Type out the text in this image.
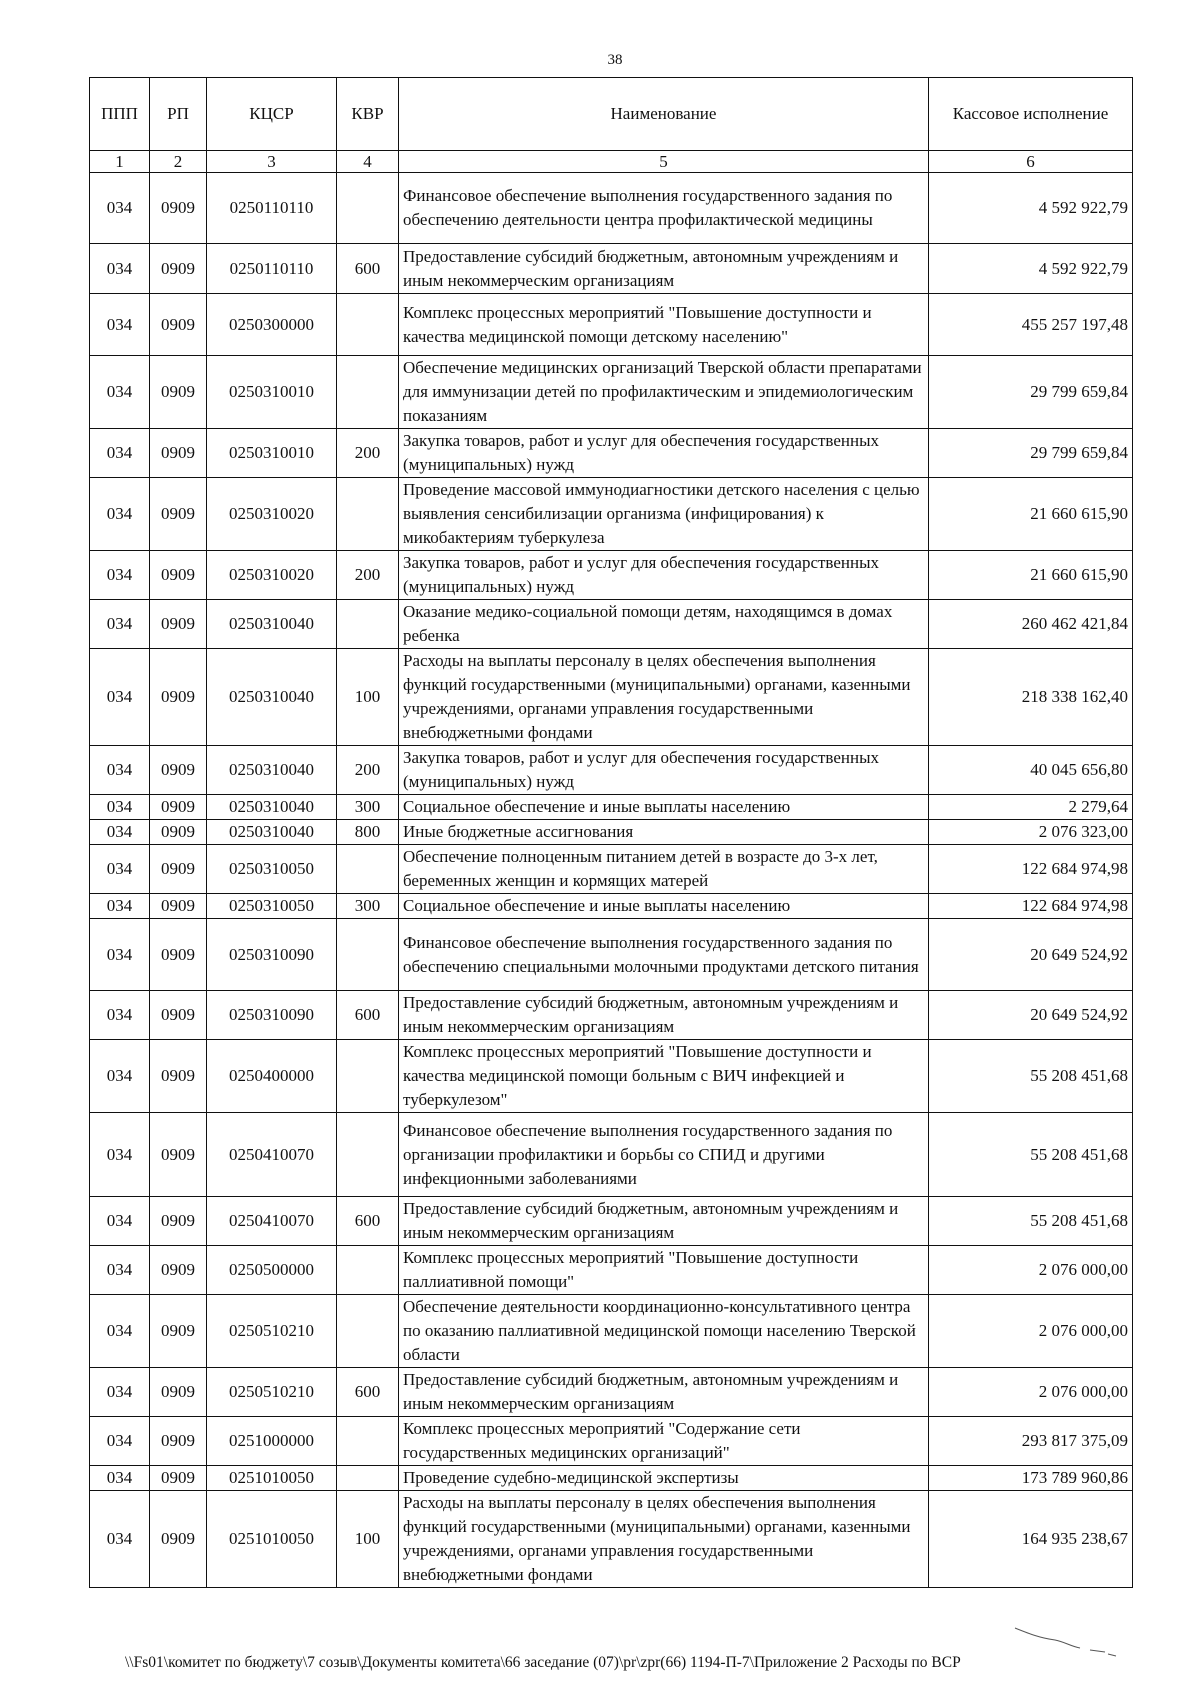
38
ППП	РП	КЦСР	КВР	Наименование	Кассовое исполнение
1	2	3	4	5	6
034	0909	0250110110		Финансовое обеспечение выполнения государственного задания по обеспечению деятельности центра профилактической медицины	4 592 922,79
034	0909	0250110110	600	Предоставление субсидий бюджетным, автономным учреждениям и иным некоммерческим организациям	4 592 922,79
034	0909	0250300000		Комплекс процессных мероприятий "Повышение доступности и качества медицинской помощи детскому населению"	455 257 197,48
034	0909	0250310010		Обеспечение медицинских организаций Тверской области препаратами для иммунизации детей по профилактическим и эпидемиологическим показаниям	29 799 659,84
034	0909	0250310010	200	Закупка товаров, работ и услуг для обеспечения государственных (муниципальных) нужд	29 799 659,84
034	0909	0250310020		Проведение массовой иммунодиагностики детского населения с целью выявления сенсибилизации организма (инфицирования) к микобактериям туберкулеза	21 660 615,90
034	0909	0250310020	200	Закупка товаров, работ и услуг для обеспечения государственных (муниципальных) нужд	21 660 615,90
034	0909	0250310040		Оказание медико-социальной помощи детям, находящимся в домах ребенка	260 462 421,84
034	0909	0250310040	100	Расходы на выплаты персоналу в целях обеспечения выполнения функций государственными (муниципальными) органами, казенными учреждениями, органами управления государственными внебюджетными фондами	218 338 162,40
034	0909	0250310040	200	Закупка товаров, работ и услуг для обеспечения государственных (муниципальных) нужд	40 045 656,80
034	0909	0250310040	300	Социальное обеспечение и иные выплаты населению	2 279,64
034	0909	0250310040	800	Иные бюджетные ассигнования	2 076 323,00
034	0909	0250310050		Обеспечение полноценным питанием детей в возрасте до 3-х лет, беременных женщин и кормящих матерей	122 684 974,98
034	0909	0250310050	300	Социальное обеспечение и иные выплаты населению	122 684 974,98
034	0909	0250310090		Финансовое обеспечение выполнения государственного задания по обеспечению специальными молочными продуктами детского питания	20 649 524,92
034	0909	0250310090	600	Предоставление субсидий бюджетным, автономным учреждениям и иным некоммерческим организациям	20 649 524,92
034	0909	0250400000		Комплекс процессных мероприятий "Повышение доступности и качества медицинской помощи больным с ВИЧ инфекцией и туберкулезом"	55 208 451,68
034	0909	0250410070		Финансовое обеспечение выполнения государственного задания по организации профилактики и борьбы со СПИД и другими инфекционными заболеваниями	55 208 451,68
034	0909	0250410070	600	Предоставление субсидий бюджетным, автономным учреждениям и иным некоммерческим организациям	55 208 451,68
034	0909	0250500000		Комплекс процессных мероприятий "Повышение доступности паллиативной помощи"	2 076 000,00
034	0909	0250510210		Обеспечение деятельности координационно-консультативного центра по оказанию паллиативной медицинской помощи населению Тверской области	2 076 000,00
034	0909	0250510210	600	Предоставление субсидий бюджетным, автономным учреждениям и иным некоммерческим организациям	2 076 000,00
034	0909	0251000000		Комплекс процессных мероприятий "Содержание сети государственных медицинских организаций"	293 817 375,09
034	0909	0251010050		Проведение судебно-медицинской экспертизы	173 789 960,86
034	0909	0251010050	100	Расходы на выплаты персоналу в целях обеспечения выполнения функций государственными (муниципальными) органами, казенными учреждениями, органами управления государственными внебюджетными фондами	164 935 238,67
\\Fs01\комитет по бюджету\7 созыв\Документы комитета\66 заседание (07)\pr\zpr(66) 1194-П-7\Приложение 2 Расходы по ВСР
